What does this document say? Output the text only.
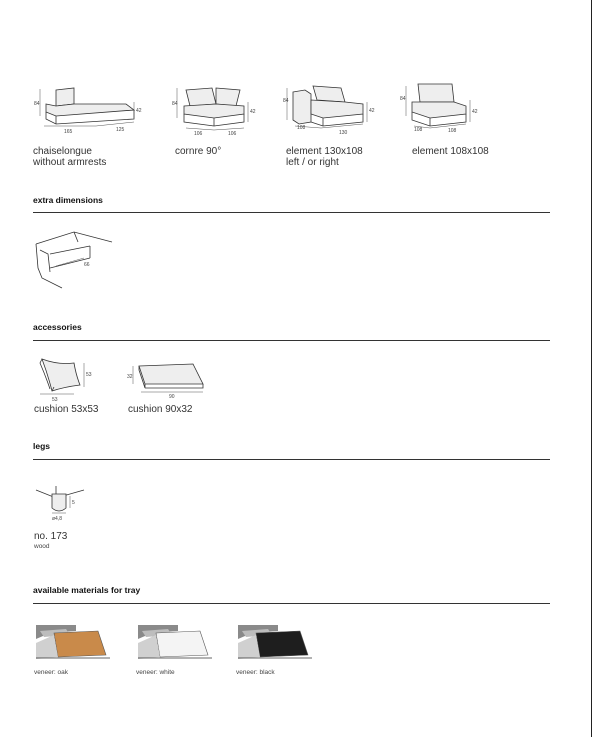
84
42
165	125
chaiselongue
without armrests
84
42
106	106
cornre 90°
84
42
108
130
element 130x108
left / or right
84
42
108	108
element 108x108
extra dimensions
66
accessories
53
53
cushion 53x53
32
90
cushion 90x32
legs
5
ø4,8
no. 173
wood
available materials for tray
veneer: oak	veneer: white	veneer: black
